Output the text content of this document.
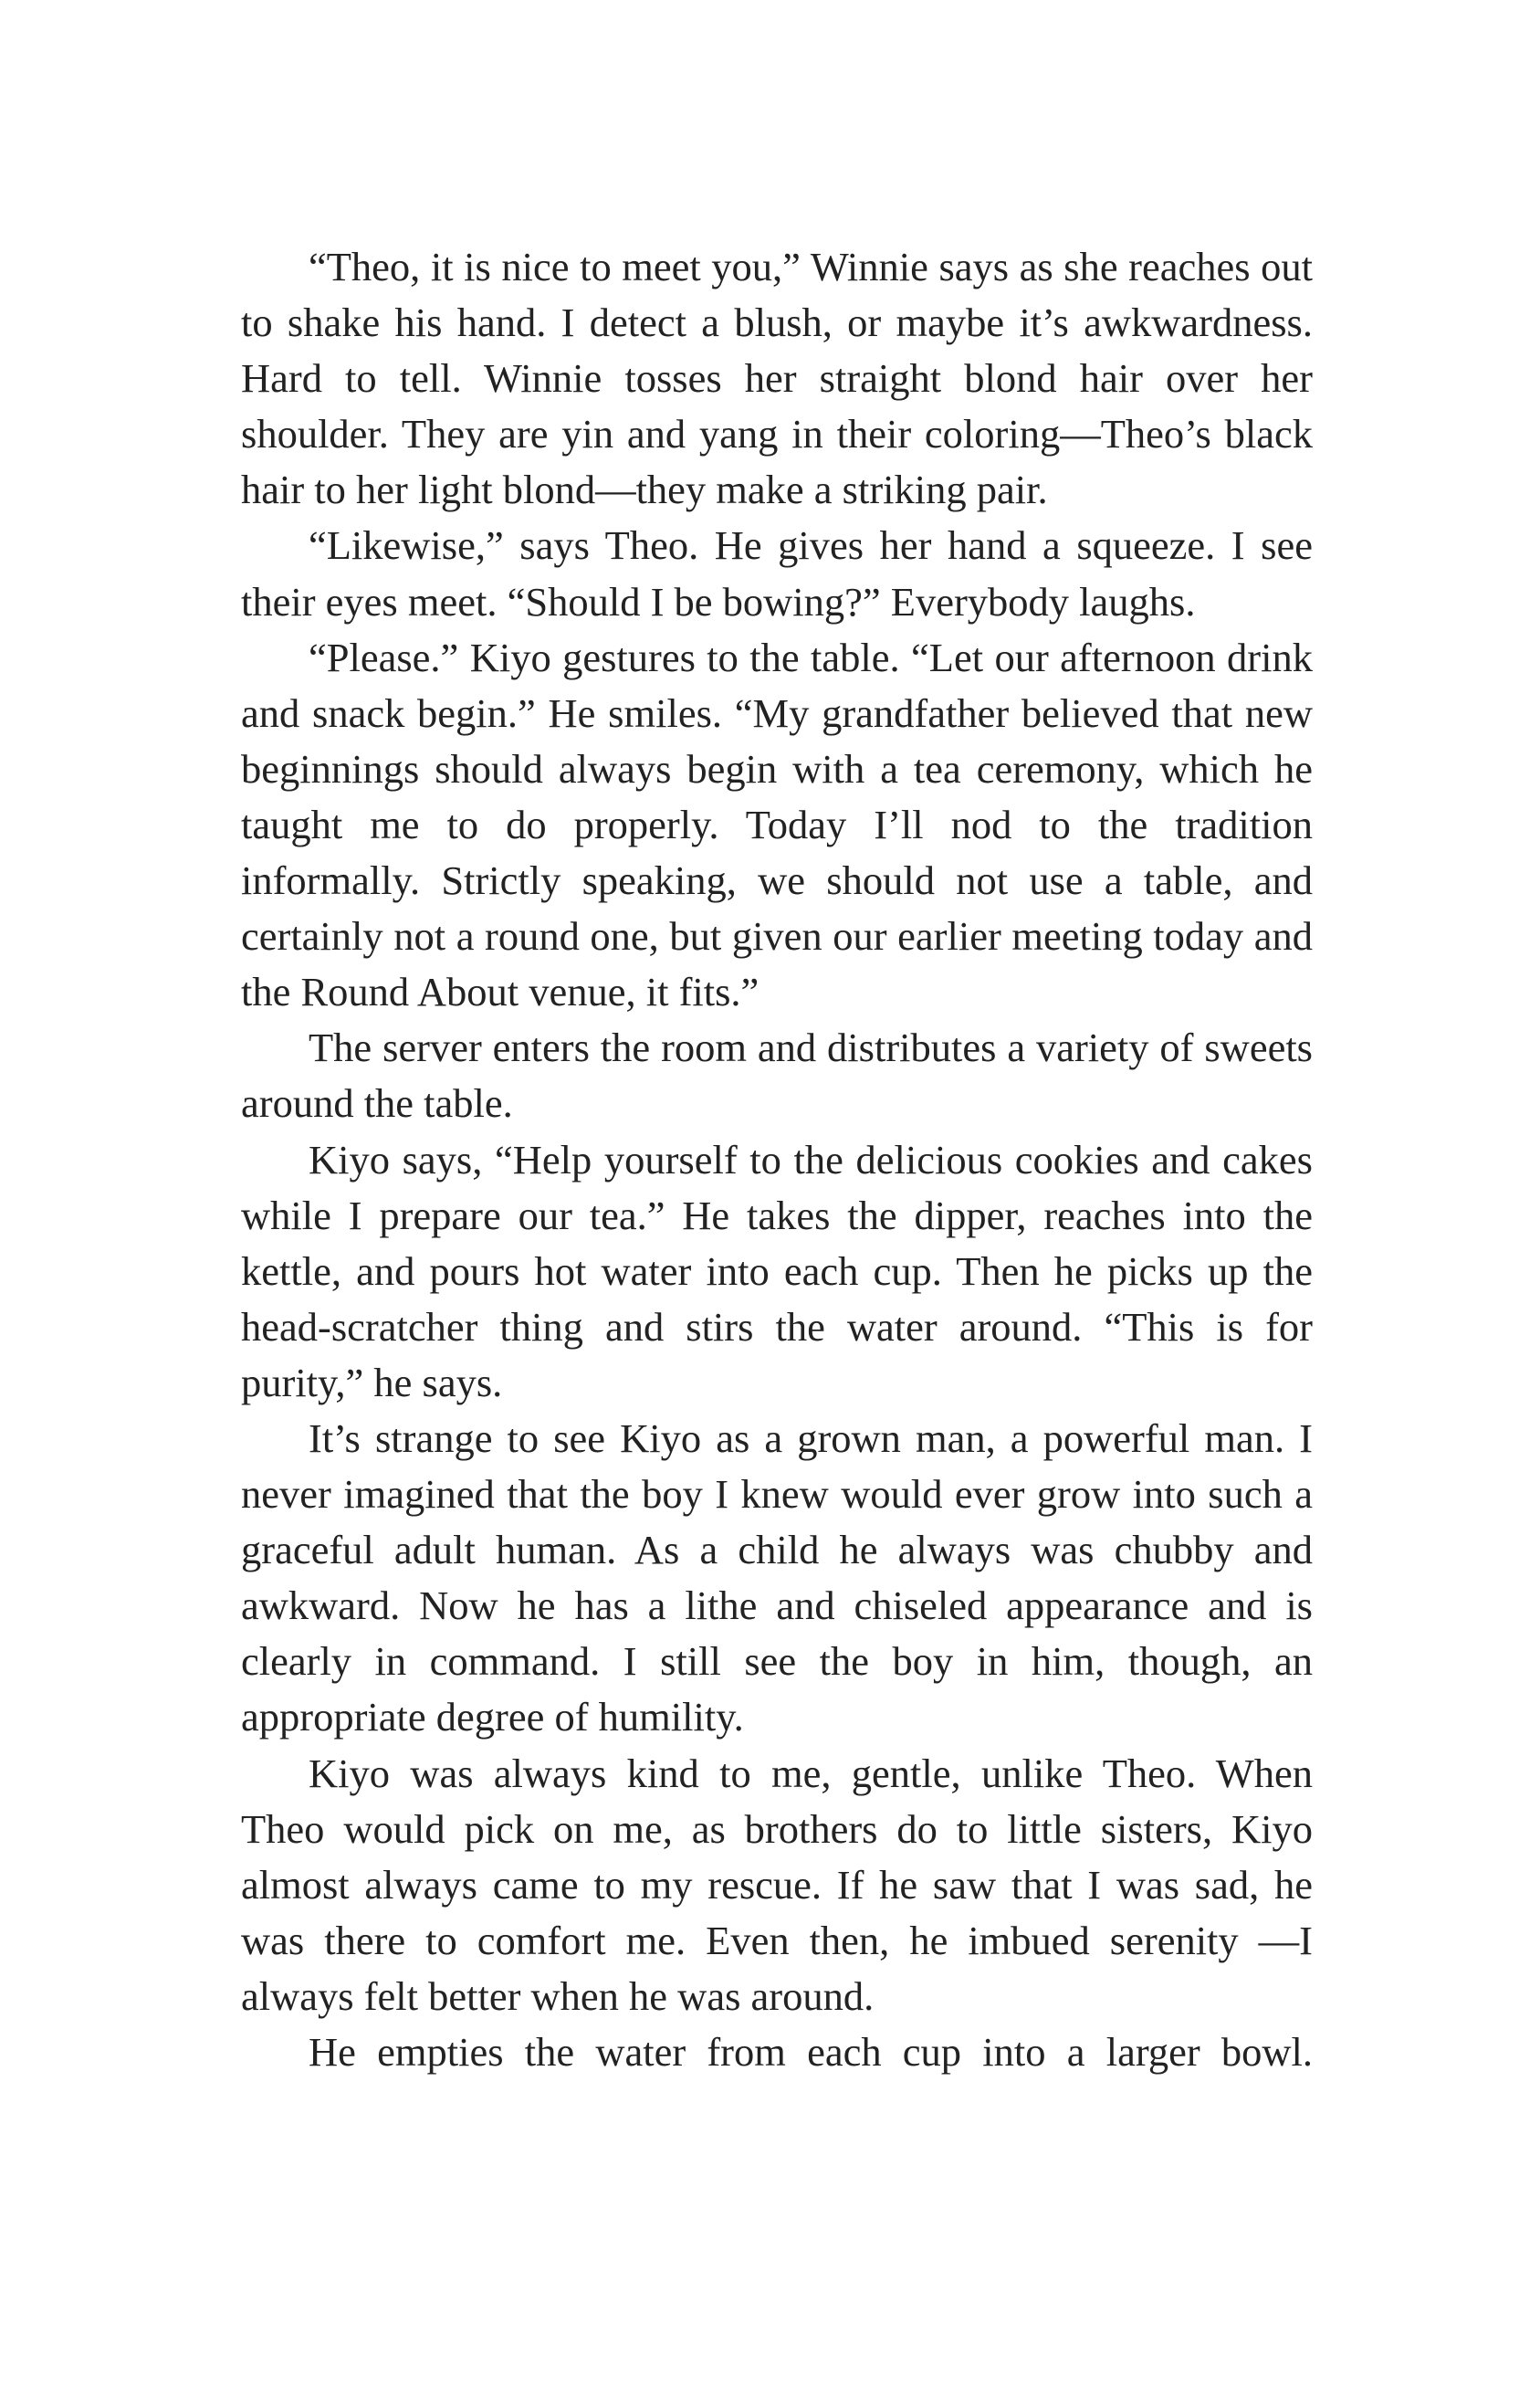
“Theo, it is nice to meet you,” Winnie says as she reaches out to shake his hand. I detect a blush, or maybe it’s awkwardness. Hard to tell. Winnie tosses her straight blond hair over her shoulder. They are yin and yang in their coloring—Theo’s black hair to her light blond—they make a striking pair.

“Likewise,” says Theo. He gives her hand a squeeze. I see their eyes meet. “Should I be bowing?” Everybody laughs.

“Please.” Kiyo gestures to the table. “Let our afternoon drink and snack begin.” He smiles. “My grandfather believed that new beginnings should always begin with a tea ceremony, which he taught me to do properly. Today I’ll nod to the tradition informally. Strictly speaking, we should not use a table, and certainly not a round one, but given our earlier meeting today and the Round About venue, it fits.”

The server enters the room and distributes a variety of sweets around the table.

Kiyo says, “Help yourself to the delicious cookies and cakes while I prepare our tea.” He takes the dipper, reaches into the kettle, and pours hot water into each cup. Then he picks up the head-scratcher thing and stirs the water around. “This is for purity,” he says.

It’s strange to see Kiyo as a grown man, a powerful man. I never imagined that the boy I knew would ever grow into such a graceful adult human. As a child he always was chubby and awkward. Now he has a lithe and chiseled appearance and is clearly in command. I still see the boy in him, though, an appropriate degree of humility.

Kiyo was always kind to me, gentle, unlike Theo. When Theo would pick on me, as brothers do to little sisters, Kiyo almost always came to my rescue. If he saw that I was sad, he was there to comfort me. Even then, he imbued serenity —I always felt better when he was around.

He empties the water from each cup into a larger bowl.
